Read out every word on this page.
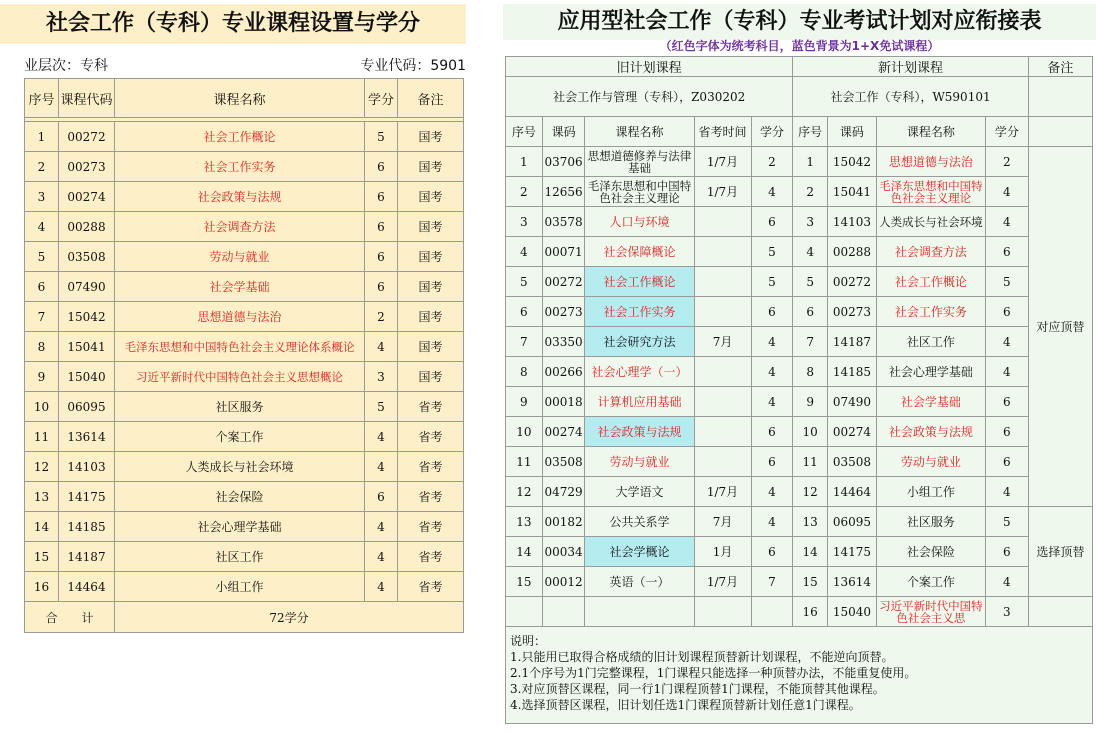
社会工作（专科）专业课程设置与学分
业层次：专科	专业代码：5901
序号	课程代码	课程名称	学分	备注

1	00272	社会工作概论	5	国考
2	00273	社会工作实务	6	国考
3	00274	社会政策与法规	6	国考
4	00288	社会调查方法	6	国考
5	03508	劳动与就业	6	国考
6	07490	社会学基础	6	国考
7	15042	思想道德与法治	2	国考
8	15041	毛泽东思想和中国特色社会主义理论体系概论	4	国考
9	15040	习近平新时代中国特色社会主义思想概论	3	国考
10	06095	社区服务	5	省考
11	13614	个案工作	4	省考
12	14103	人类成长与社会环境	4	省考
13	14175	社会保险	6	省考
14	14185	社会心理学基础	4	省考
15	14187	社区工作	4	省考
16	14464	小组工作	4	省考
合　　计		72学分		
应用型社会工作（专科）专业考试计划对应衔接表
（红色字体为统考科目，蓝色背景为1+X免试课程）
旧计划课程					新计划课程				备注
社会工作与管理（专科），Z030202					社会工作（专科），W590101				
序号	课码	课程名称	省考时间	学分	序号	课码	课程名称	学分	
1	03706	思想道德修养与法律基础	1/7月	2	1	15042	思想道德与法治	2	对应顶替
2	12656	毛泽东思想和中国特色社会主义理论	1/7月	4	2	15041	毛泽东思想和中国特色社会主义理论	4	
3	03578	人口与环境		6	3	14103	人类成长与社会环境	4	
4	00071	社会保障概论		5	4	00288	社会调查方法	6	
5	00272	社会工作概论		5	5	00272	社会工作概论	5	
6	00273	社会工作实务		6	6	00273	社会工作实务	6	
7	03350	社会研究方法	7月	4	7	14187	社区工作	4	
8	00266	社会心理学（一）		4	8	14185	社会心理学基础	4	
9	00018	计算机应用基础		4	9	07490	社会学基础	6	
10	00274	社会政策与法规		6	10	00274	社会政策与法规	6	
11	03508	劳动与就业		6	11	03508	劳动与就业	6	
12	04729	大学语文	1/7月	4	12	14464	小组工作	4	
13	00182	公共关系学	7月	4	13	06095	社区服务	5	选择顶替
14	00034	社会学概论	1月	6	14	14175	社会保险	6	
15	00012	英语（一）	1/7月	7	15	13614	个案工作	4	
					16	15040	习近平新时代中国特色社会主义思	3	

说明：
1.只能用已取得合格成绩的旧计划课程顶替新计划课程，不能逆向顶替。
2.1个序号为1门完整课程，1门课程只能选择一种顶替办法，不能重复使用。
3.对应顶替区课程，同一行1门课程顶替1门课程，不能顶替其他课程。
4.选择顶替区课程，旧计划任选1门课程顶替新计划任意1门课程。									
